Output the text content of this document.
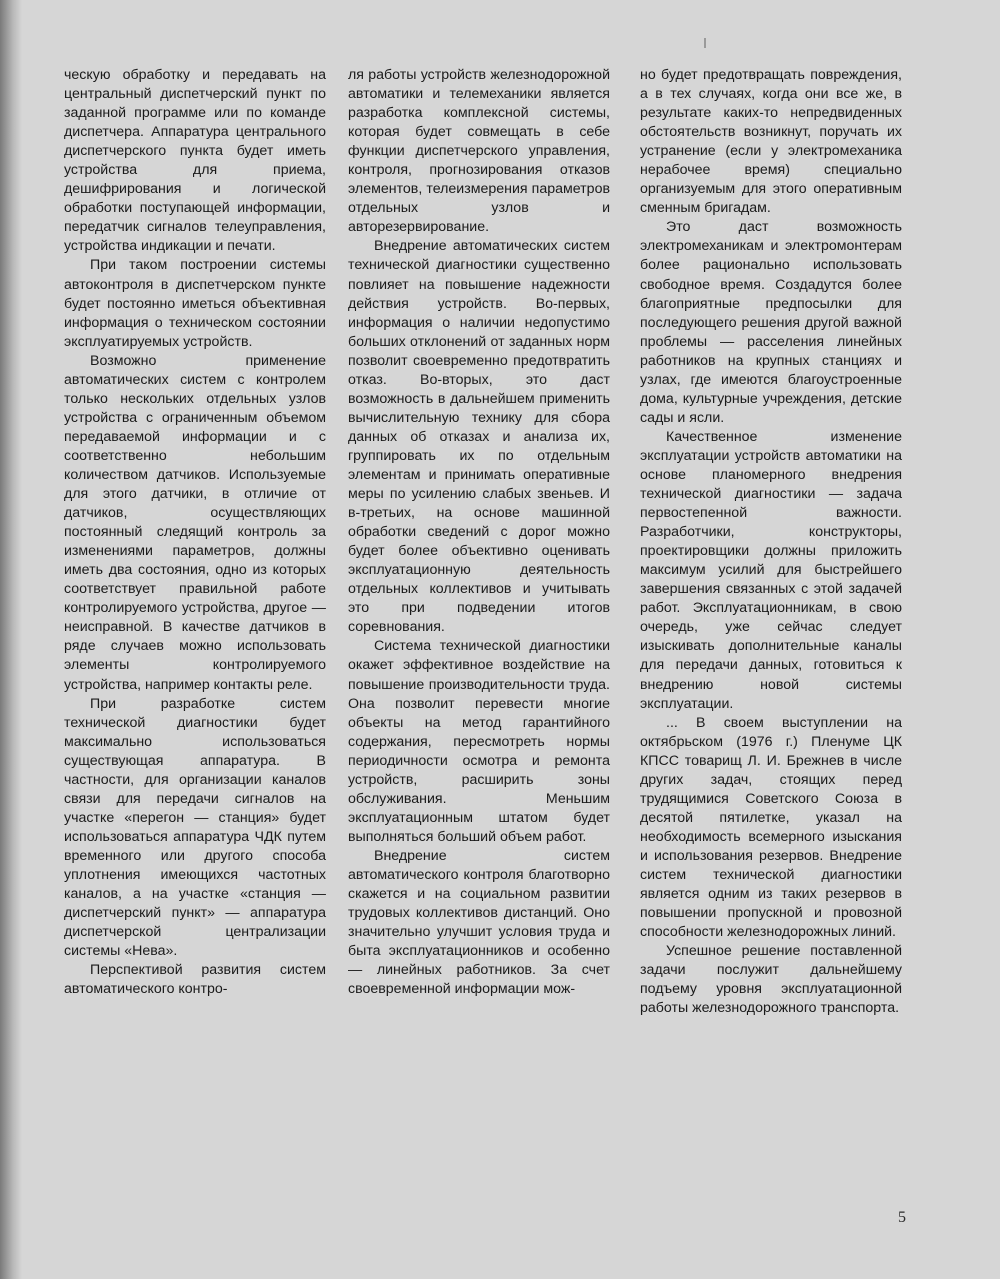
ческую обработку и передавать на центральный диспетчерский пункт по заданной программе или по команде диспетчера. Аппаратура центрального диспетчерского пункта будет иметь устройства для приема, дешифрирования и логической обработки поступающей информации, передатчик сигналов телеуправления, устройства индикации и печати.

При таком построении системы автоконтроля в диспетчерском пункте будет постоянно иметься объективная информация о техническом состоянии эксплуатируемых устройств.

Возможно применение автоматических систем с контролем только нескольких отдельных узлов устройства с ограниченным объемом передаваемой информации и с соответственно небольшим количеством датчиков. Используемые для этого датчики, в отличие от датчиков, осуществляющих постоянный следящий контроль за изменениями параметров, должны иметь два состояния, одно из которых соответствует правильной работе контролируемого устройства, другое — неисправной. В качестве датчиков в ряде случаев можно использовать элементы контролируемого устройства, например контакты реле.

При разработке систем технической диагностики будет максимально использоваться существующая аппаратура. В частности, для организации каналов связи для передачи сигналов на участке «перегон — станция» будет использоваться аппаратура ЧДК путем временного или другого способа уплотнения имеющихся частотных каналов, а на участке «станция — диспетчерский пункт» — аппаратура диспетчерской централизации системы «Нева».

Перспективой развития систем автоматического контро-

ля работы устройств железнодорожной автоматики и телемеханики является разработка комплексной системы, которая будет совмещать в себе функции диспетчерского управления, контроля, прогнозирования отказов элементов, телеизмерения параметров отдельных узлов и авторезервирование.

Внедрение автоматических систем технической диагностики существенно повлияет на повышение надежности действия устройств. Во-первых, информация о наличии недопустимо больших отклонений от заданных норм позволит своевременно предотвратить отказ. Во-вторых, это даст возможность в дальнейшем применить вычислительную технику для сбора данных об отказах и анализа их, группировать их по отдельным элементам и принимать оперативные меры по усилению слабых звеньев. И в-третьих, на основе машинной обработки сведений с дорог можно будет более объективно оценивать эксплуатационную деятельность отдельных коллективов и учитывать это при подведении итогов соревнования.

Система технической диагностики окажет эффективное воздействие на повышение производительности труда. Она позволит перевести многие объекты на метод гарантийного содержания, пересмотреть нормы периодичности осмотра и ремонта устройств, расширить зоны обслуживания. Меньшим эксплуатационным штатом будет выполняться больший объем работ.

Внедрение систем автоматического контроля благотворно скажется и на социальном развитии трудовых коллективов дистанций. Оно значительно улучшит условия труда и быта эксплуатационников и особенно — линейных работников. За счет своевременной информации мож-

но будет предотвращать повреждения, а в тех случаях, когда они все же, в результате каких-то непредвиденных обстоятельств возникнут, поручать их устранение (если у электромеханика нерабочее время) специально организуемым для этого оперативным сменным бригадам.

Это даст возможность электромеханикам и электромонтерам более рационально использовать свободное время. Создадутся более благоприятные предпосылки для последующего решения другой важной проблемы — расселения линейных работников на крупных станциях и узлах, где имеются благоустроенные дома, культурные учреждения, детские сады и ясли.

Качественное изменение эксплуатации устройств автоматики на основе планомерного внедрения технической диагностики — задача первостепенной важности. Разработчики, конструкторы, проектировщики должны приложить максимум усилий для быстрейшего завершения связанных с этой задачей работ. Эксплуатационникам, в свою очередь, уже сейчас следует изыскивать дополнительные каналы для передачи данных, готовиться к внедрению новой системы эксплуатации.

... В своем выступлении на октябрьском (1976 г.) Пленуме ЦК КПСС товарищ Л. И. Брежнев в числе других задач, стоящих перед трудящимися Советского Союза в десятой пятилетке, указал на необходимость всемерного изыскания и использования резервов. Внедрение систем технической диагностики является одним из таких резервов в повышении пропускной и провозной способности железнодорожных линий.

Успешное решение поставленной задачи послужит дальнейшему подъему уровня эксплуатационной работы железнодорожного транспорта.

5
